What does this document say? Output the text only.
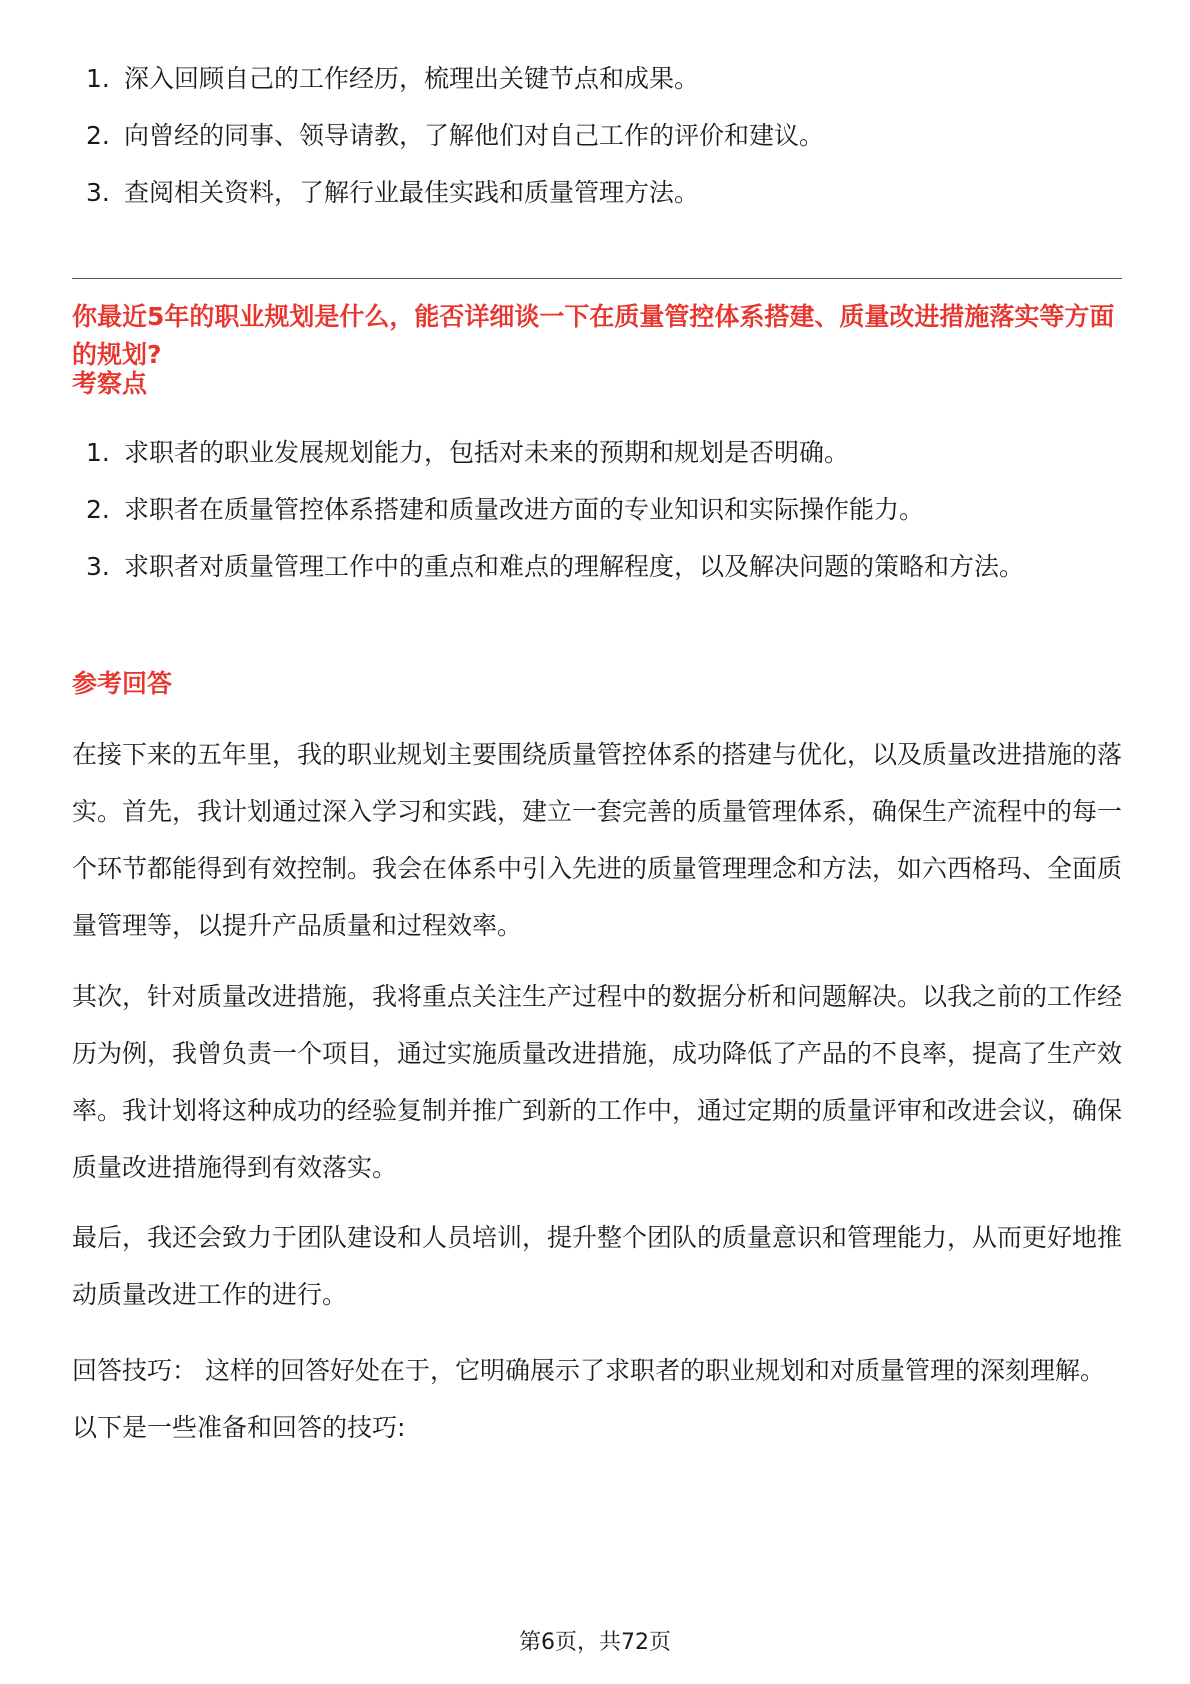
1. 深入回顾自己的工作经历，梳理出关键节点和成果。
2. 向曾经的同事、领导请教，了解他们对自己工作的评价和建议。
3. 查阅相关资料，了解行业最佳实践和质量管理方法。
你最近5年的职业规划是什么，能否详细谈一下在质量管控体系搭建、质量改进措施落实等方面的规划?
考察点
1. 求职者的职业发展规划能力，包括对未来的预期和规划是否明确。
2. 求职者在质量管控体系搭建和质量改进方面的专业知识和实际操作能力。
3. 求职者对质量管理工作中的重点和难点的理解程度，以及解决问题的策略和方法。
参考回答

在接下来的五年里，我的职业规划主要围绕质量管控体系的搭建与优化，以及质量改进措施的落实。首先，我计划通过深入学习和实践，建立一套完善的质量管理体系，确保生产流程中的每一个环节都能得到有效控制。我会在体系中引入先进的质量管理理念和方法，如六西格玛、全面质量管理等，以提升产品质量和过程效率。

其次，针对质量改进措施，我将重点关注生产过程中的数据分析和问题解决。以我之前的工作经历为例，我曾负责一个项目，通过实施质量改进措施，成功降低了产品的不良率，提高了生产效率。我计划将这种成功的经验复制并推广到新的工作中，通过定期的质量评审和改进会议，确保质量改进措施得到有效落实。

最后，我还会致力于团队建设和人员培训，提升整个团队的质量意识和管理能力，从而更好地推动质量改进工作的进行。

回答技巧： 这样的回答好处在于，它明确展示了求职者的职业规划和对质量管理的深刻理解。以下是一些准备和回答的技巧:

第6页，共72页
